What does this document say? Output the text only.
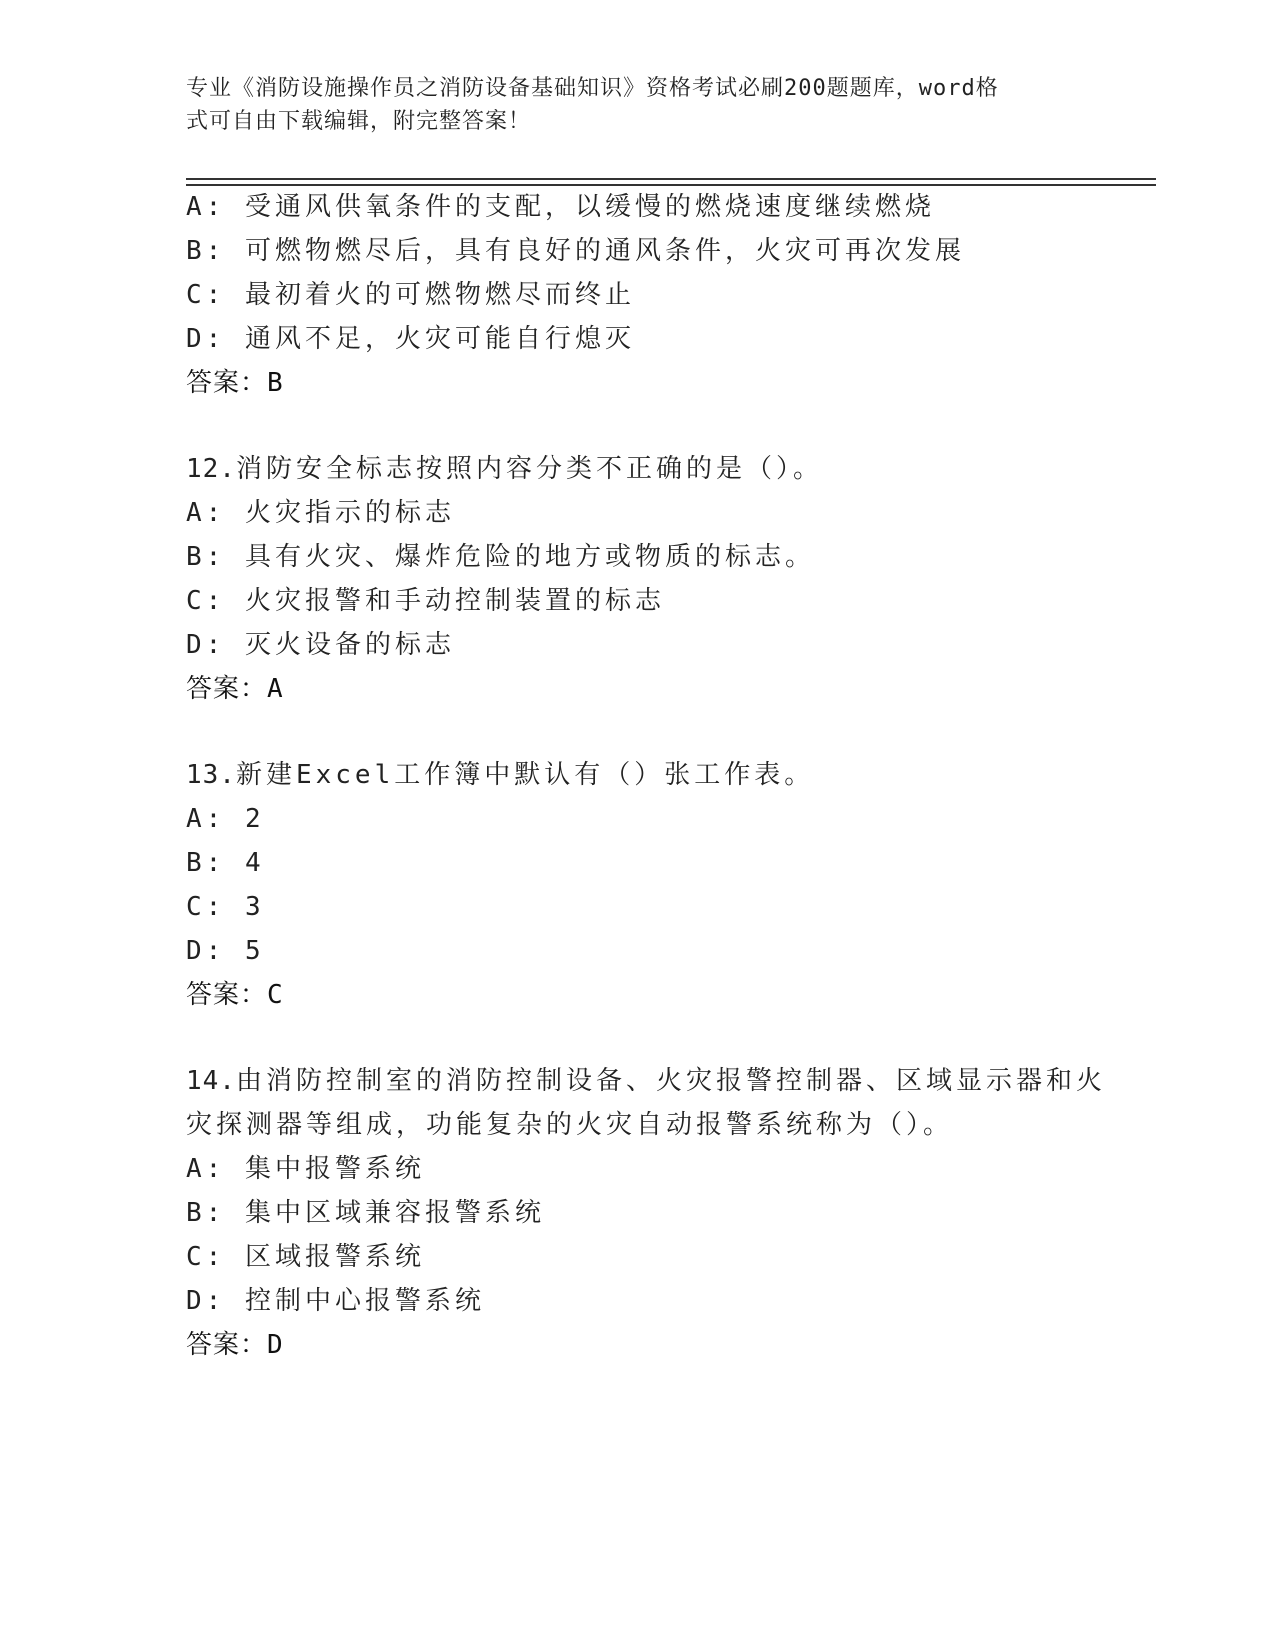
专业《消防设施操作员之消防设备基础知识》资格考试必刷200题题库，word格
式可自由下载编辑，附完整答案！
A: 受通风供氧条件的支配，以缓慢的燃烧速度继续燃烧
B: 可燃物燃尽后，具有良好的通风条件，火灾可再次发展
C: 最初着火的可燃物燃尽而终止
D: 通风不足，火灾可能自行熄灭
答案：B
12.消防安全标志按照内容分类不正确的是（）。
A: 火灾指示的标志
B: 具有火灾、爆炸危险的地方或物质的标志。
C: 火灾报警和手动控制装置的标志
D: 灭火设备的标志
答案：A
13.新建Excel工作簿中默认有（）张工作表。
A: 2
B: 4
C: 3
D: 5
答案：C
14.由消防控制室的消防控制设备、火灾报警控制器、区域显示器和火
灾探测器等组成，功能复杂的火灾自动报警系统称为（）。
A: 集中报警系统
B: 集中区域兼容报警系统
C: 区域报警系统
D: 控制中心报警系统
答案：D
